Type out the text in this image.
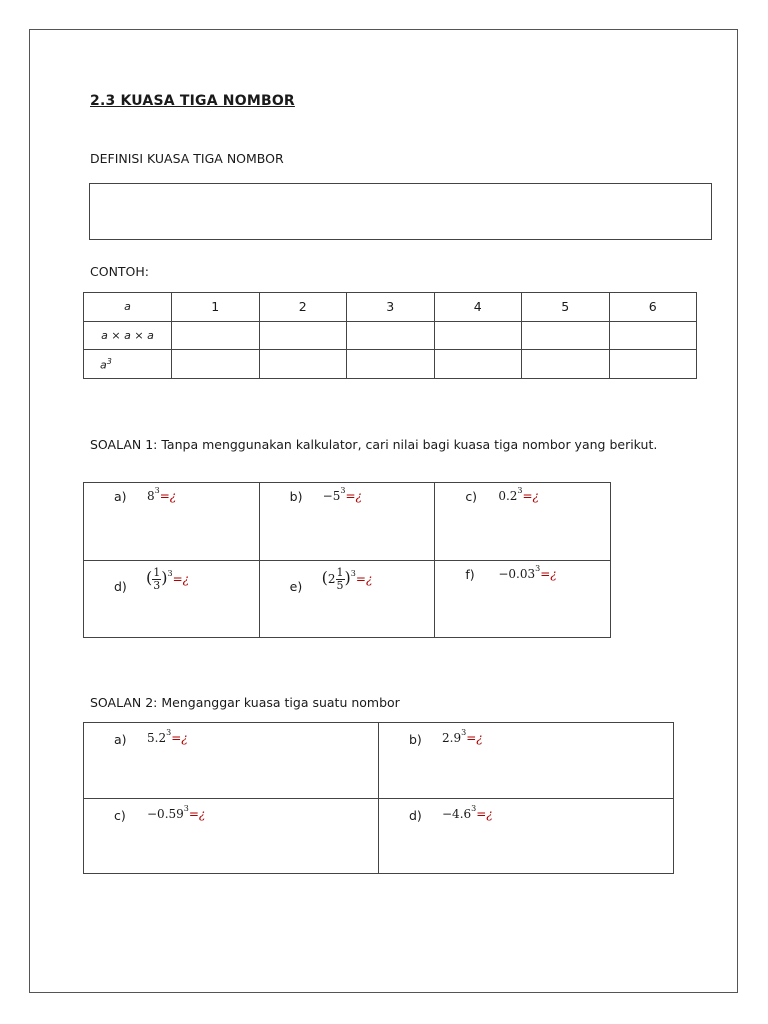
2.3 KUASA TIGA NOMBOR
DEFINISI KUASA TIGA NOMBOR
CONTOH:
a	1	2	3	4	5	6
a × a × a						
$a^3$						
SOALAN 1: Tanpa menggunakan kalkulator, cari nilai bagi kuasa tiga nombor yang berikut.
a) $8^3=¿$	$b) -5^3=¿$	c) $0.2^3=¿$

d) ( $\frac{1}{3}$ )$^3$=¿	e) ($2 \frac{1}{5}$ )$^3$=¿	$f) -0.03^3=¿$
SOALAN 2: Menganggar kuasa tiga suatu nombor
a) $5.2^3=¿$	b) $2.9^3=¿$

$c) -0.59^3=¿$	$d) -4.6^3=¿$
